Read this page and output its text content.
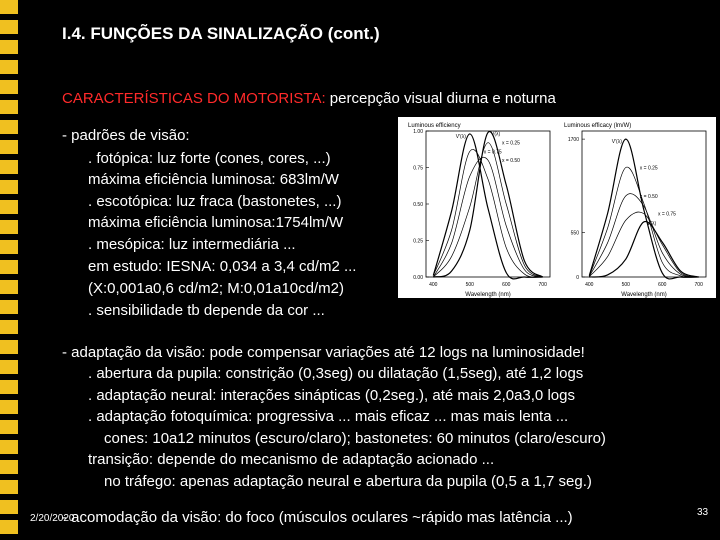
I.4. FUNÇÕES DA SINALIZAÇÃO (cont.)
CARACTERÍSTICAS DO MOTORISTA: percepção visual diurna e noturna
- padrões de visão:
. fotópica: luz forte (cones, cores, ...)
máxima eficiência luminosa: 683lm/W
. escotópica: luz fraca (bastonetes, ...)
máxima eficiência luminosa:1754lm/W
. mesópica: luz intermediária ...
em estudo: IESNA: 0,034 a 3,4 cd/m2 ...
(X:0,001a0,6 cd/m2; M:0,01a10cd/m2)
. sensibilidade tb depende da cor ...
Luminous efficiency
Wavelength (nm)
400	500	600	700
0.00
0.25
0.50
0.75
1.00
V'(λ)
x = 0.75
x = 0.50
x = 0.25
V(λ)
Luminous efficacy (lm/W)
Wavelength (nm)
400	500	600	700
0
550
1700	V'(λ)
x = 0.25
x = 0.50
x = 0.75
V(λ)
- adaptação da visão: pode compensar variações até 12 logs na luminosidade!
. abertura da pupila: constrição (0,3seg) ou dilatação (1,5seg), até 1,2 logs
. adaptação neural: interações sinápticas (0,2seg.), até mais 2,0a3,0 logs
. adaptação fotoquímica: progressiva ... mais eficaz ... mas mais lenta ...
cones: 10a12 minutos (escuro/claro); bastonetes: 60 minutos (claro/escuro)
transição: depende do mecanismo de adaptação acionado ...
no tráfego: apenas adaptação neural e abertura da pupila (0,5 a 1,7 seg.)
- acomodação da visão: do foco (músculos oculares ~rápido mas latência ...)
2/20/2020
33
